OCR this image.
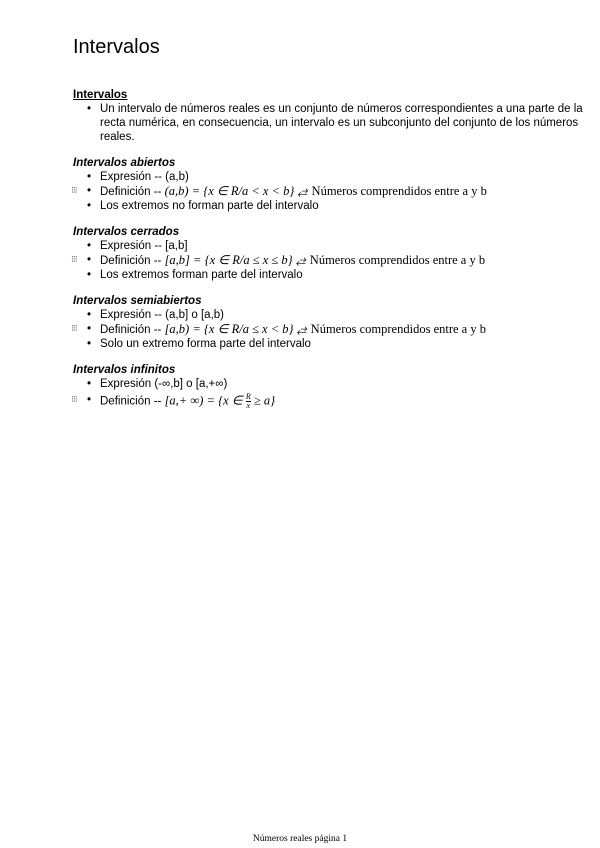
Intervalos
Intervalos
• Un intervalo de números reales es un conjunto de números correspondientes a una parte de la recta numérica, en consecuencia, un intervalo es un subconjunto del conjunto de los números reales.
Intervalos abiertos
• Expresión -- (a,b)
⁝⁝⁝ • Definición -- (a,b) = {x ∈ R/a < x < b} ⥄ Números comprendidos entre a y b
• Los extremos no forman parte del intervalo
Intervalos cerrados
• Expresión -- [a,b]
⁝⁝⁝ • Definición -- [a,b] = {x ∈ R/a ≤ x ≤ b} ⥄ Números comprendidos entre a y b
• Los extremos forman parte del intervalo
Intervalos semiabiertos
• Expresión -- (a,b] o [a,b)
⁝⁝⁝ • Definición -- [a,b) = {x ∈ R/a ≤ x < b} ⥄ Números comprendidos entre a y b
• Solo un extremo forma parte del intervalo
Intervalos infinitos
• Expresión (-∞,b] o [a,+∞)
⁝⁝⁝ • Definición -- [a,+ ∞) = {x ∈ $\frac{R}{x} \ge a$}
Números reales página 1
